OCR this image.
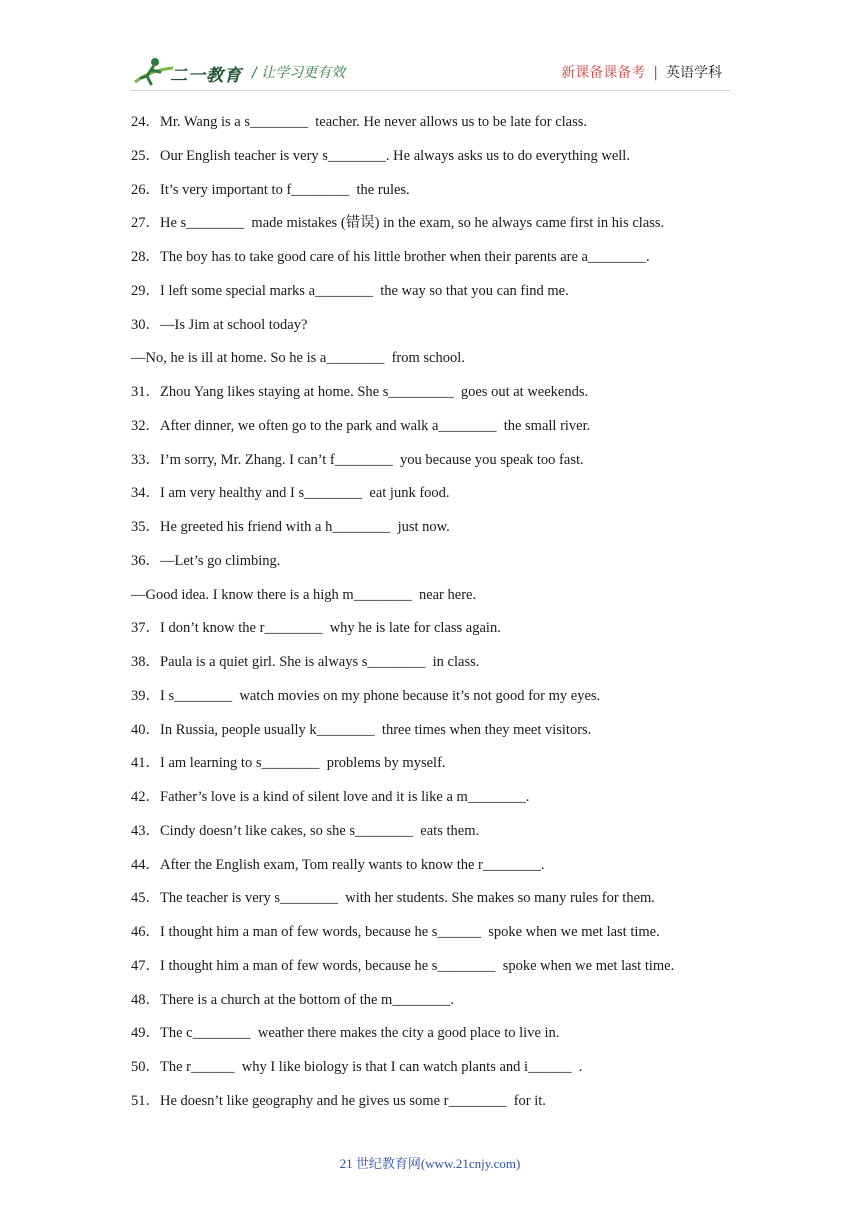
二一教育 / 让学习更有效	新课备课备考 | 英语学科
24．Mr. Wang is a s________  teacher. He never allows us to be late for class.
25．Our English teacher is very s________. He always asks us to do everything well.
26．It’s very important to f________  the rules.
27．He s________  made mistakes (错误) in the exam, so he always came first in his class.
28．The boy has to take good care of his little brother when their parents are a________.
29．I left some special marks a________  the way so that you can find me.
30．—Is Jim at school today?
—No, he is ill at home. So he is a________  from school.
31．Zhou Yang likes staying at home. She s_________  goes out at weekends.
32．After dinner, we often go to the park and walk a________  the small river.
33．I’m sorry, Mr. Zhang. I can’t f________  you because you speak too fast.
34．I am very healthy and I s________  eat junk food.
35．He greeted his friend with a h________  just now.
36．—Let’s go climbing.
—Good idea. I know there is a high m________  near here.
37．I don’t know the r________  why he is late for class again.
38．Paula is a quiet girl. She is always s________  in class.
39．I s________  watch movies on my phone because it’s not good for my eyes.
40．In Russia, people usually k________  three times when they meet visitors.
41．I am learning to s________  problems by myself.
42．Father’s love is a kind of silent love and it is like a m________.
43．Cindy doesn’t like cakes, so she s________  eats them.
44．After the English exam, Tom really wants to know the r________.
45．The teacher is very s________  with her students. She makes so many rules for them.
46．I thought him a man of few words, because he s______  spoke when we met last time.
47．I thought him a man of few words, because he s________  spoke when we met last time.
48．There is a church at the bottom of the m________.
49．The c________  weather there makes the city a good place to live in.
50．The r______  why I like biology is that I can watch plants and i______  .
51．He doesn’t like geography and he gives us some r________  for it.
21 世纪教育网(www.21cnjy.com)
